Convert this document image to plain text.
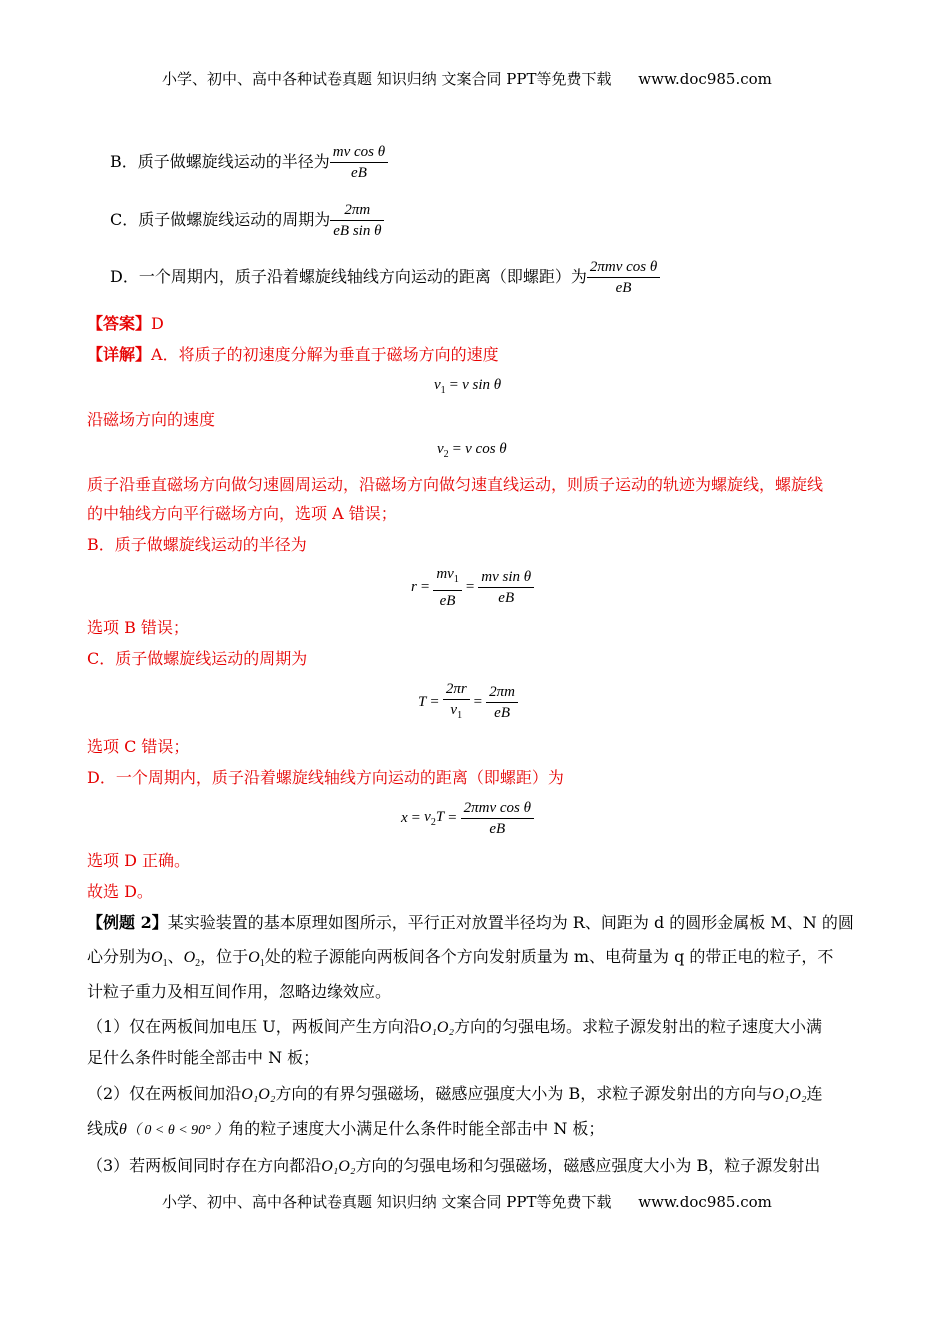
小学、初中、高中各种试卷真题 知识归纳 文案合同 PPT等免费下载 www.doc985.com
B．质子做螺旋线运动的半径为 $\frac{\text{mv cos θ}}{eB}$
C．质子做螺旋线运动的周期为 $\frac{2\pi m}{\text{eB sin θ}}$
D．一个周期内，质子沿着螺旋线轴线方向运动的距离（即螺距）为 $\frac{\text{2πmv cos θ}}{eB}$
【答案】D
【详解】A．将质子的初速度分解为垂直于磁场方向的速度
$v_1 = v$ sin θ
沿磁场方向的速度
$v_2 = v$ cos θ
质子沿垂直磁场方向做匀速圆周运动，沿磁场方向做匀速直线运动，则质子运动的轨迹为螺旋线，螺旋线
的中轴线方向平行磁场方向，选项 A 错误；
B．质子做螺旋线运动的半径为
$r = \frac{mv_1}{eB} = \frac{\text{mv sin θ}}{eB}$
选项 B 错误；
C．质子做螺旋线运动的周期为
$T = \frac{2\pi r}{v_1} = \frac{2\pi m}{eB}$
选项 C 错误；
D．一个周期内，质子沿着螺旋线轴线方向运动的距离（即螺距）为
$x = v_2T = \frac{\text{2πmv cos θ}}{eB}$
选项 D 正确。
故选 D。
【例题 2】某实验装置的基本原理如图所示，平行正对放置半径均为 R、间距为 d 的圆形金属板 M、N 的圆
心分别为$O_1$、$O_2$，位于$O_1$处的粒子源能向两板间各个方向发射质量为 m、电荷量为 q 的带正电的粒子，不
计粒子重力及相互间作用，忽略边缘效应。
（1）仅在两板间加电压 U，两板间产生方向沿O₁O₂方向的匀强电场。求粒子源发射出的粒子速度大小满
足什么条件时能全部击中 N 板；
（2）仅在两板间加沿O₁O₂方向的有界匀强磁场，磁感应强度大小为 B，求粒子源发射出的方向与O₁O₂连
线成θ（ 0 < θ < 90° ）角的粒子速度大小满足什么条件时能全部击中 N 板；
（3）若两板间同时存在方向都沿O₁O₂方向的匀强电场和匀强磁场，磁感应强度大小为 B，粒子源发射出
小学、初中、高中各种试卷真题 知识归纳 文案合同 PPT等免费下载 www.doc985.com
